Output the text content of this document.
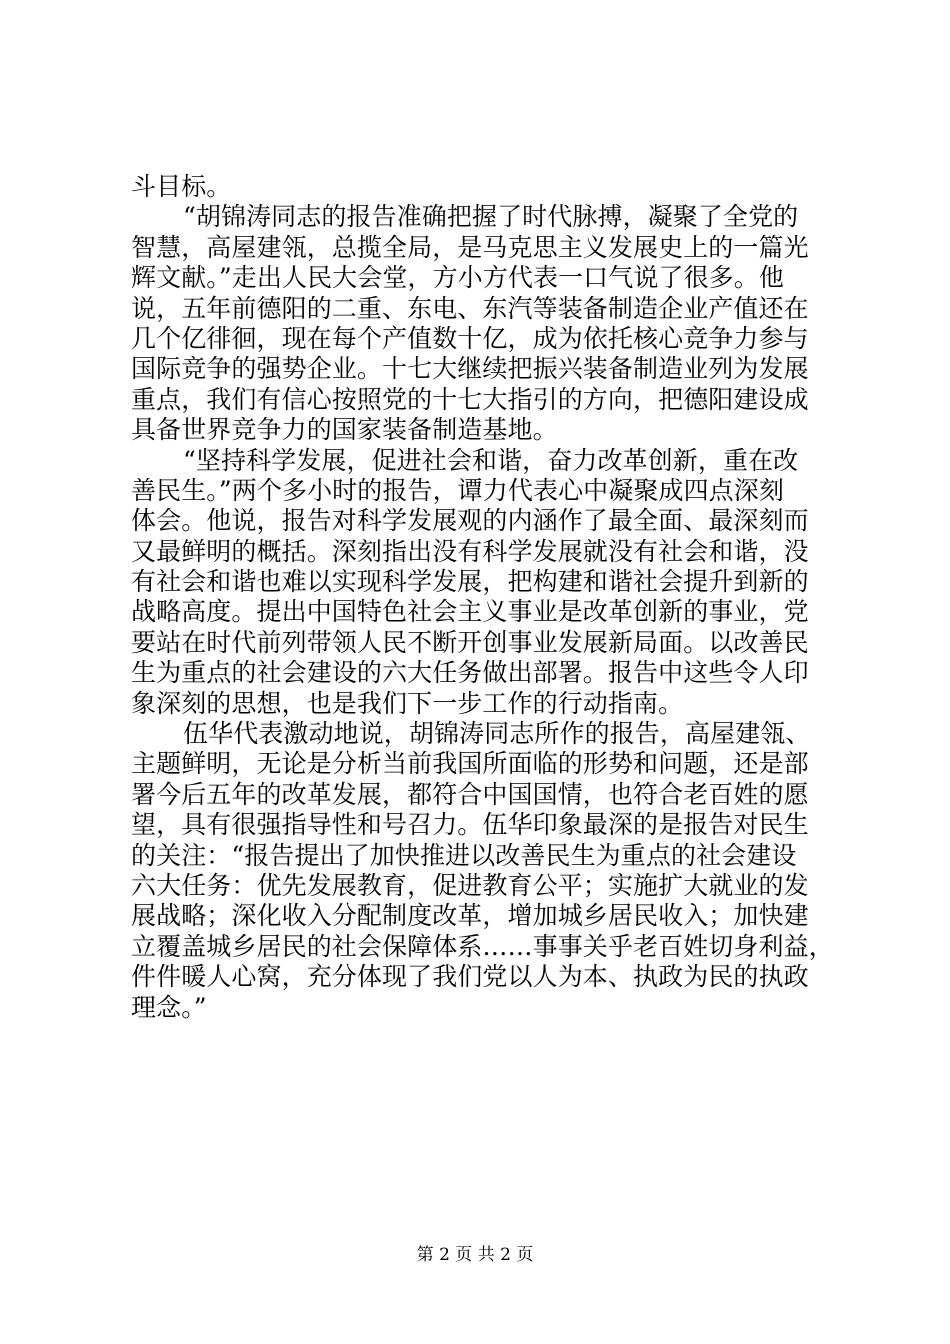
斗目标。
“胡锦涛同志的报告准确把握了时代脉搏，凝聚了全党的
智慧，高屋建瓴，总揽全局，是马克思主义发展史上的一篇光
辉文献。”走出人民大会堂，方小方代表一口气说了很多。他
说，五年前德阳的二重、东电、东汽等装备制造企业产值还在
几个亿徘徊，现在每个产值数十亿，成为依托核心竞争力参与
国际竞争的强势企业。十七大继续把振兴装备制造业列为发展
重点，我们有信心按照党的十七大指引的方向，把德阳建设成
具备世界竞争力的国家装备制造基地。
“坚持科学发展，促进社会和谐，奋力改革创新，重在改
善民生。”两个多小时的报告，谭力代表心中凝聚成四点深刻
体会。他说，报告对科学发展观的内涵作了最全面、最深刻而
又最鲜明的概括。深刻指出没有科学发展就没有社会和谐，没
有社会和谐也难以实现科学发展，把构建和谐社会提升到新的
战略高度。提出中国特色社会主义事业是改革创新的事业，党
要站在时代前列带领人民不断开创事业发展新局面。以改善民
生为重点的社会建设的六大任务做出部署。报告中这些令人印
象深刻的思想，也是我们下一步工作的行动指南。
伍华代表激动地说，胡锦涛同志所作的报告，高屋建瓴、
主题鲜明，无论是分析当前我国所面临的形势和问题，还是部
署今后五年的改革发展，都符合中国国情，也符合老百姓的愿
望，具有很强指导性和号召力。伍华印象最深的是报告对民生
的关注：“报告提出了加快推进以改善民生为重点的社会建设
六大任务：优先发展教育，促进教育公平；实施扩大就业的发
展战略；深化收入分配制度改革，增加城乡居民收入；加快建
立覆盖城乡居民的社会保障体系……事事关乎老百姓切身利益，
件件暖人心窝，充分体现了我们党以人为本、执政为民的执政
理念。”
第 2 页 共 2 页
